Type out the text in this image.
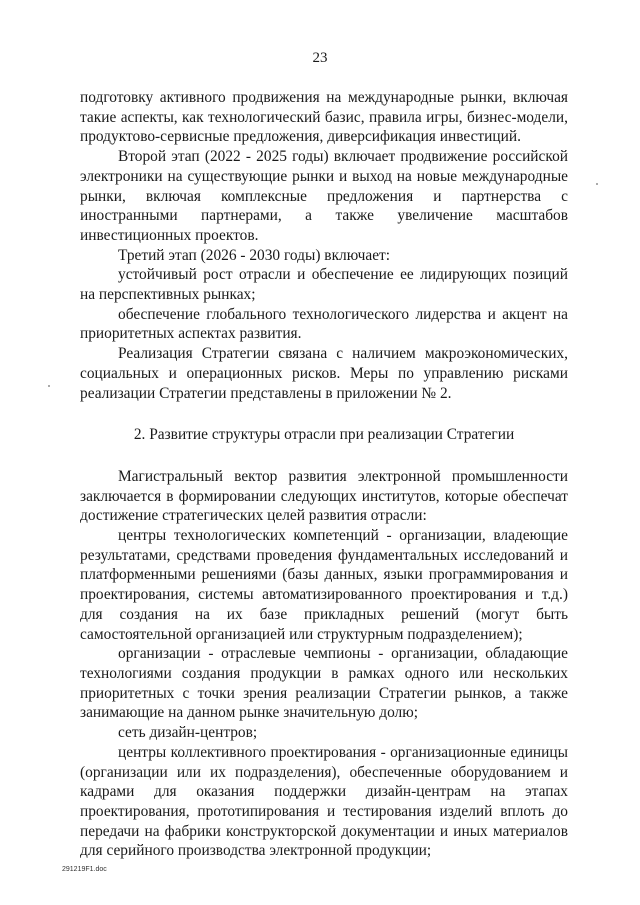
23

подготовку активного продвижения на международные рынки, включая такие аспекты, как технологический базис, правила игры, бизнес-модели, продуктово-сервисные предложения, диверсификация инвестиций.

Второй этап (2022 - 2025 годы) включает продвижение российской электроники на существующие рынки и выход на новые международные рынки, включая комплексные предложения и партнерства с иностранными партнерами, а также увеличение масштабов инвестиционных проектов.

Третий этап (2026 - 2030 годы) включает:

устойчивый рост отрасли и обеспечение ее лидирующих позиций на перспективных рынках;

обеспечение глобального технологического лидерства и акцент на приоритетных аспектах развития.

Реализация Стратегии связана с наличием макроэкономических, социальных и операционных рисков. Меры по управлению рисками реализации Стратегии представлены в приложении № 2.

2. Развитие структуры отрасли при реализации Стратегии

Магистральный вектор развития электронной промышленности заключается в формировании следующих институтов, которые обеспечат достижение стратегических целей развития отрасли:

центры технологических компетенций - организации, владеющие результатами, средствами проведения фундаментальных исследований и платформенными решениями (базы данных, языки программирования и проектирования, системы автоматизированного проектирования и т.д.) для создания на их базе прикладных решений (могут быть самостоятельной организацией или структурным подразделением);

организации - отраслевые чемпионы - организации, обладающие технологиями создания продукции в рамках одного или нескольких приоритетных с точки зрения реализации Стратегии рынков, а также занимающие на данном рынке значительную долю;

сеть дизайн-центров;

центры коллективного проектирования - организационные единицы (организации или их подразделения), обеспеченные оборудованием и кадрами для оказания поддержки дизайн-центрам на этапах проектирования, прототипирования и тестирования изделий вплоть до передачи на фабрики конструкторской документации и иных материалов для серийного производства электронной продукции;

291219F1.doc
